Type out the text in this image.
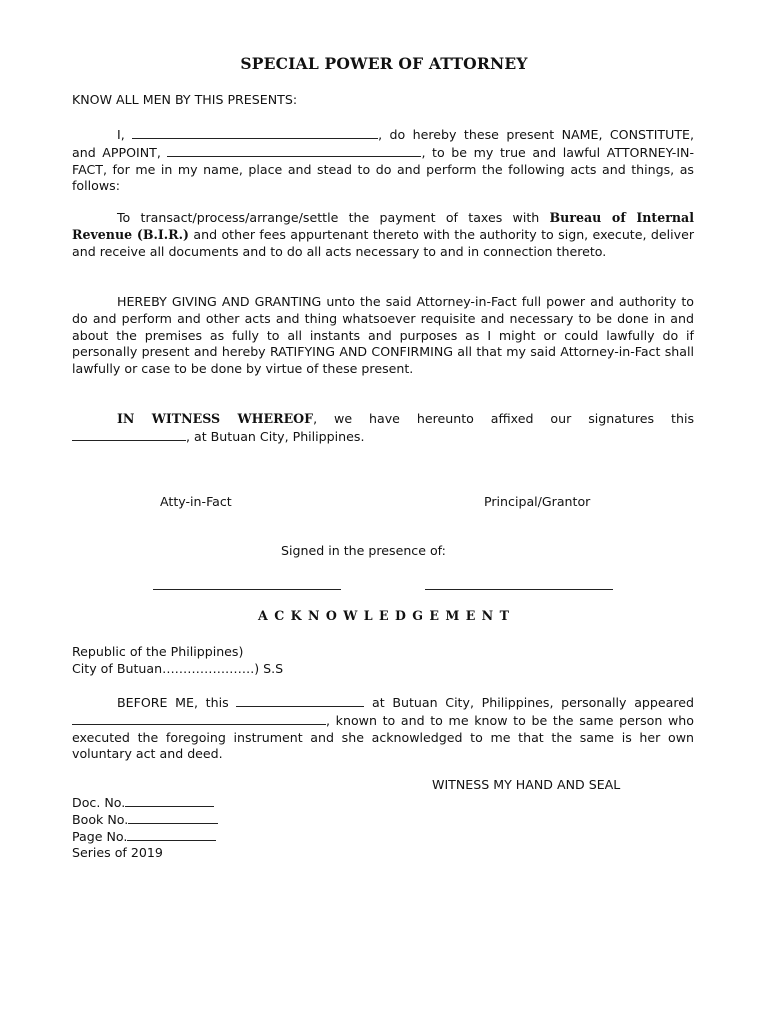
SPECIAL POWER OF ATTORNEY
KNOW ALL MEN BY THIS PRESENTS:
I,	, do hereby these present NAME, CONSTITUTE, and APPOINT,	, to be my true and lawful ATTORNEY-IN-FACT, for me in my name, place and stead to do and perform the following acts and things, as follows:
To transact/process/arrange/settle the payment of taxes with Bureau of Internal Revenue (B.I.R.) and other fees appurtenant thereto with the authority to sign, execute, deliver and receive all documents and to do all acts necessary to and in connection thereto.
HEREBY GIVING AND GRANTING unto the said Attorney-in-Fact full power and authority to do and perform and other acts and thing whatsoever requisite and necessary to be done in and about the premises as fully to all instants and purposes as I might or could lawfully do if personally present and hereby RATIFYING AND CONFIRMING all that my said Attorney-in-Fact shall lawfully or case to be done by virtue of these present.
IN WITNESS WHEREOF, we have hereunto affixed our signatures this , at Butuan City, Philippines.
Atty-in-Fact	Principal/Grantor
Signed in the presence of:
A C K N O W L E D G E M E N T
Republic of the Philippines)
City of Butuan………………….) S.S
BEFORE ME, this	at Butuan City, Philippines, personally appeared, known to and to me know to be the same person who executed the foregoing instrument and she acknowledged to me that the same is her own voluntary act and deed.
WITNESS MY HAND AND SEAL
Doc. No.
Book No.
Page No.
Series of 2019
